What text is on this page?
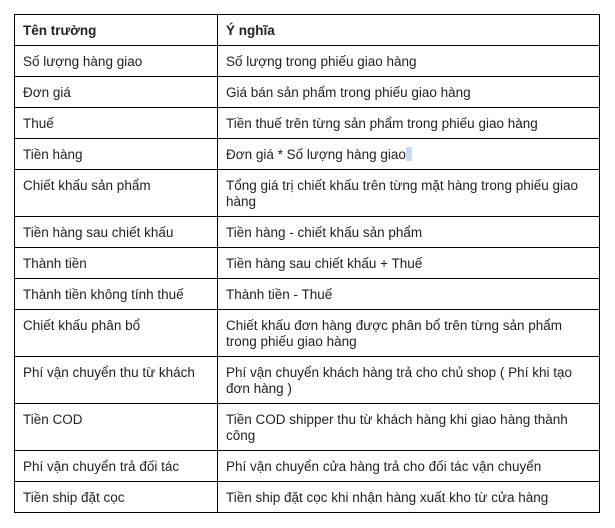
Tên trường	Ý nghĩa
Số lượng hàng giao	Số lượng trong phiếu giao hàng
Đơn giá	Giá bán sản phẩm trong phiếu giao hàng
Thuế	Tiền thuế trên từng sản phẩm trong phiếu giao hàng
Tiền hàng	Đơn giá * Số lượng hàng giao
Chiết khấu sản phẩm	Tổng giá trị chiết khấu trên từng mặt hàng trong phiếu giao hàng
Tiền hàng sau chiết khấu	Tiền hàng - chiết khấu sản phẩm
Thành tiền	Tiền hàng sau chiết khấu + Thuế
Thành tiền không tính thuế	Thành tiền - Thuế
Chiết khấu phân bổ	Chiết khấu đơn hàng được phân bổ trên từng sản phẩm trong phiếu giao hàng
Phí vận chuyển thu từ khách	Phí vận chuyển khách hàng trả cho chủ shop ( Phí khi tạo đơn hàng )
Tiền COD	Tiền COD shipper thu từ khách hàng khi giao hàng thành công
Phí vận chuyển trả đối tác	Phí vận chuyển cửa hàng trả cho đối tác vận chuyển
Tiền ship đặt cọc	Tiền ship đặt cọc khi nhận hàng xuất kho từ cửa hàng
